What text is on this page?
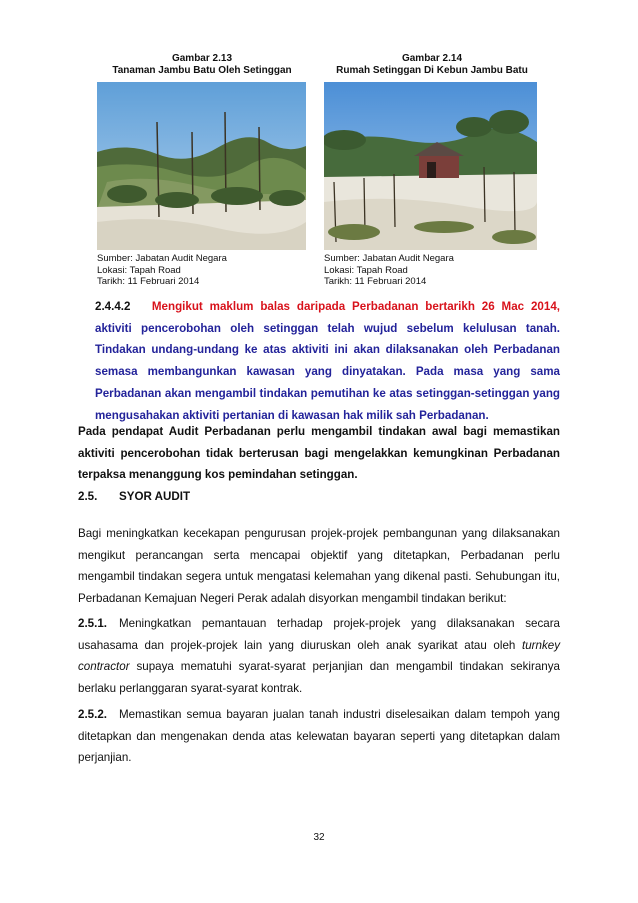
Gambar 2.13
Tanaman Jambu Batu Oleh Setinggan
Sumber: Jabatan Audit Negara
Lokasi: Tapah Road
Tarikh: 11 Februari 2014
Gambar 2.14
Rumah Setinggan Di Kebun Jambu Batu
Sumber: Jabatan Audit Negara
Lokasi: Tapah Road
Tarikh: 11 Februari 2014
2.4.4.2 Mengikut maklum balas daripada Perbadanan bertarikh 26 Mac 2014, aktiviti pencerobohan oleh setinggan telah wujud sebelum kelulusan tanah. Tindakan undang-undang ke atas aktiviti ini akan dilaksanakan oleh Perbadanan semasa membangunkan kawasan yang dinyatakan. Pada masa yang sama Perbadanan akan mengambil tindakan pemutihan ke atas setinggan-setinggan yang mengusahakan aktiviti pertanian di kawasan hak milik sah Perbadanan.
Pada pendapat Audit Perbadanan perlu mengambil tindakan awal bagi memastikan aktiviti pencerobohan tidak berterusan bagi mengelakkan kemungkinan Perbadanan terpaksa menanggung kos pemindahan setinggan.
2.5. SYOR AUDIT
Bagi meningkatkan kecekapan pengurusan projek-projek pembangunan yang dilaksanakan mengikut perancangan serta mencapai objektif yang ditetapkan, Perbadanan perlu mengambil tindakan segera untuk mengatasi kelemahan yang dikenal pasti. Sehubungan itu, Perbadanan Kemajuan Negeri Perak adalah disyorkan mengambil tindakan berikut:
2.5.1. Meningkatkan pemantauan terhadap projek-projek yang dilaksanakan secara usahasama dan projek-projek lain yang diuruskan oleh anak syarikat atau oleh turnkey contractor supaya mematuhi syarat-syarat perjanjian dan mengambil tindakan sekiranya berlaku perlanggaran syarat-syarat kontrak.
2.5.2. Memastikan semua bayaran jualan tanah industri diselesaikan dalam tempoh yang ditetapkan dan mengenakan denda atas kelewatan bayaran seperti yang ditetapkan dalam perjanjian.
32
